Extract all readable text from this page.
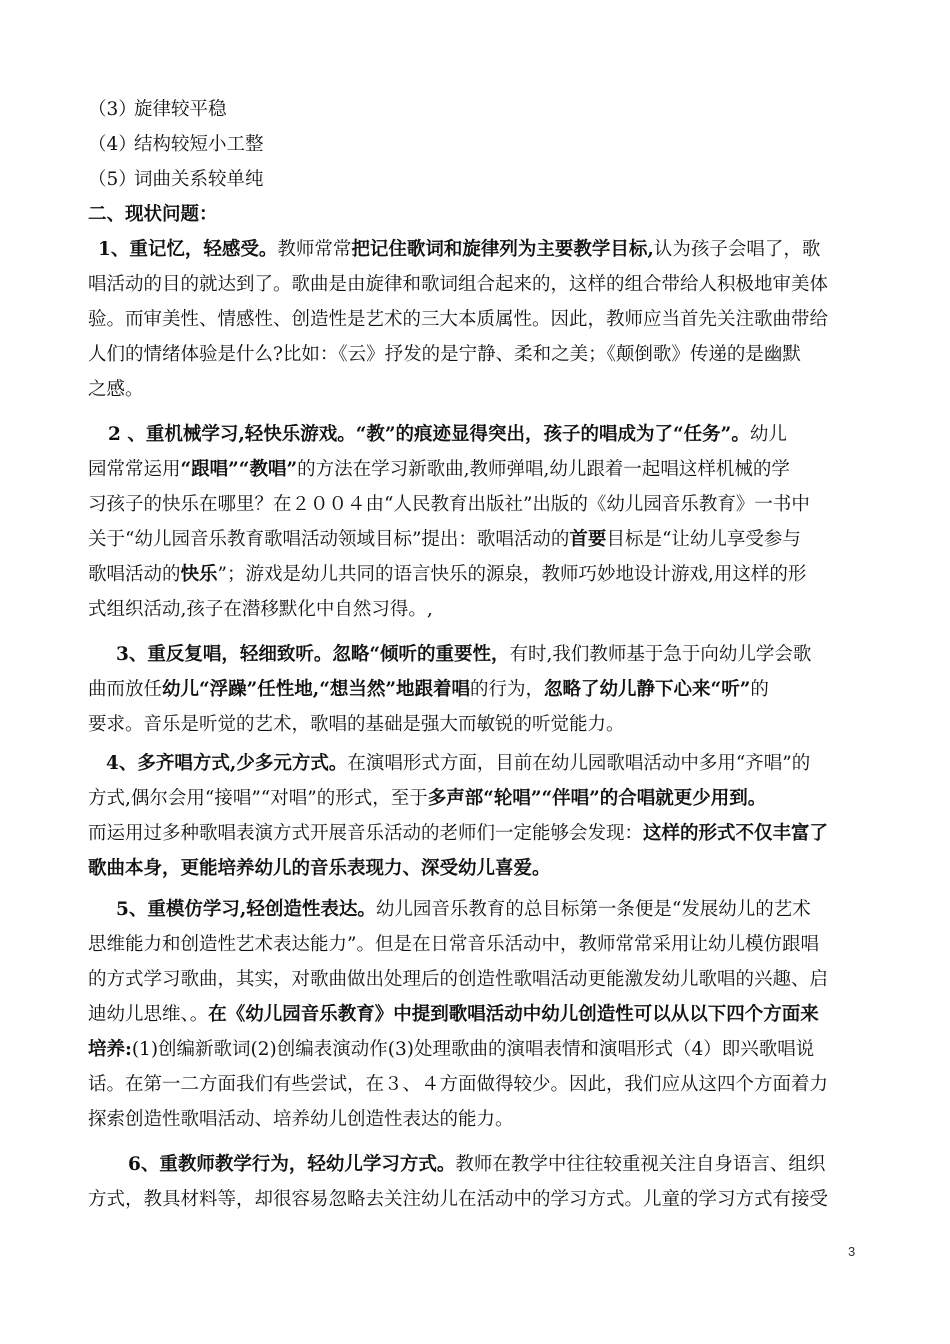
（3）旋律较平稳
（4）结构较短小工整
（5）词曲关系较单纯
二、现状问题：
1、重记忆，轻感受。教师常常把记住歌词和旋律列为主要教学目标,认为孩子会唱了，歌
唱活动的目的就达到了。歌曲是由旋律和歌词组合起来的，这样的组合带给人积极地审美体
验。而审美性、情感性、创造性是艺术的三大本质属性。因此，教师应当首先关注歌曲带给
人们的情绪体验是什么?比如：《云》抒发的是宁静、柔和之美；《颠倒歌》传递的是幽默
之感。
2 、重机械学习,轻快乐游戏。“教”的痕迹显得突出，孩子的唱成为了“任务”。幼儿
园常常运用“跟唱”“教唱”的方法在学习新歌曲,教师弹唱,幼儿跟着一起唱这样机械的学
习孩子的快乐在哪里？在２００４由“人民教育出版社”出版的《幼儿园音乐教育》一书中
关于“幼儿园音乐教育歌唱活动领域目标”提出：歌唱活动的首要目标是“让幼儿享受参与
歌唱活动的快乐”；游戏是幼儿共同的语言快乐的源泉，教师巧妙地设计游戏,用这样的形
式组织活动,孩子在潜移默化中自然习得。,
3、重反复唱，轻细致听。忽略“倾听的重要性，有时,我们教师基于急于向幼儿学会歌
曲而放任幼儿“浮躁”任性地,“想当然”地跟着唱的行为，忽略了幼儿静下心来“听”的
要求。音乐是听觉的艺术，歌唱的基础是强大而敏锐的听觉能力。
4、多齐唱方式,少多元方式。在演唱形式方面，目前在幼儿园歌唱活动中多用“齐唱”的
方式,偶尔会用“接唱”“对唱”的形式，至于多声部“轮唱”“伴唱”的合唱就更少用到。
而运用过多种歌唱表演方式开展音乐活动的老师们一定能够会发现：这样的形式不仅丰富了
歌曲本身，更能培养幼儿的音乐表现力、深受幼儿喜爱。
5、重模仿学习,轻创造性表达。幼儿园音乐教育的总目标第一条便是“发展幼儿的艺术
思维能力和创造性艺术表达能力”。但是在日常音乐活动中，教师常常采用让幼儿模仿跟唱
的方式学习歌曲，其实，对歌曲做出处理后的创造性歌唱活动更能激发幼儿歌唱的兴趣、启
迪幼儿思维、。在《幼儿园音乐教育》中提到歌唱活动中幼儿创造性可以从以下四个方面来
培养:(1)创编新歌词(2)创编表演动作(3)处理歌曲的演唱表情和演唱形式（4）即兴歌唱说
话。在第一二方面我们有些尝试，在３、４方面做得较少。因此，我们应从这四个方面着力
探索创造性歌唱活动、培养幼儿创造性表达的能力。
6、重教师教学行为，轻幼儿学习方式。教师在教学中往往较重视关注自身语言、组织
方式，教具材料等，却很容易忽略去关注幼儿在活动中的学习方式。儿童的学习方式有接受
3
